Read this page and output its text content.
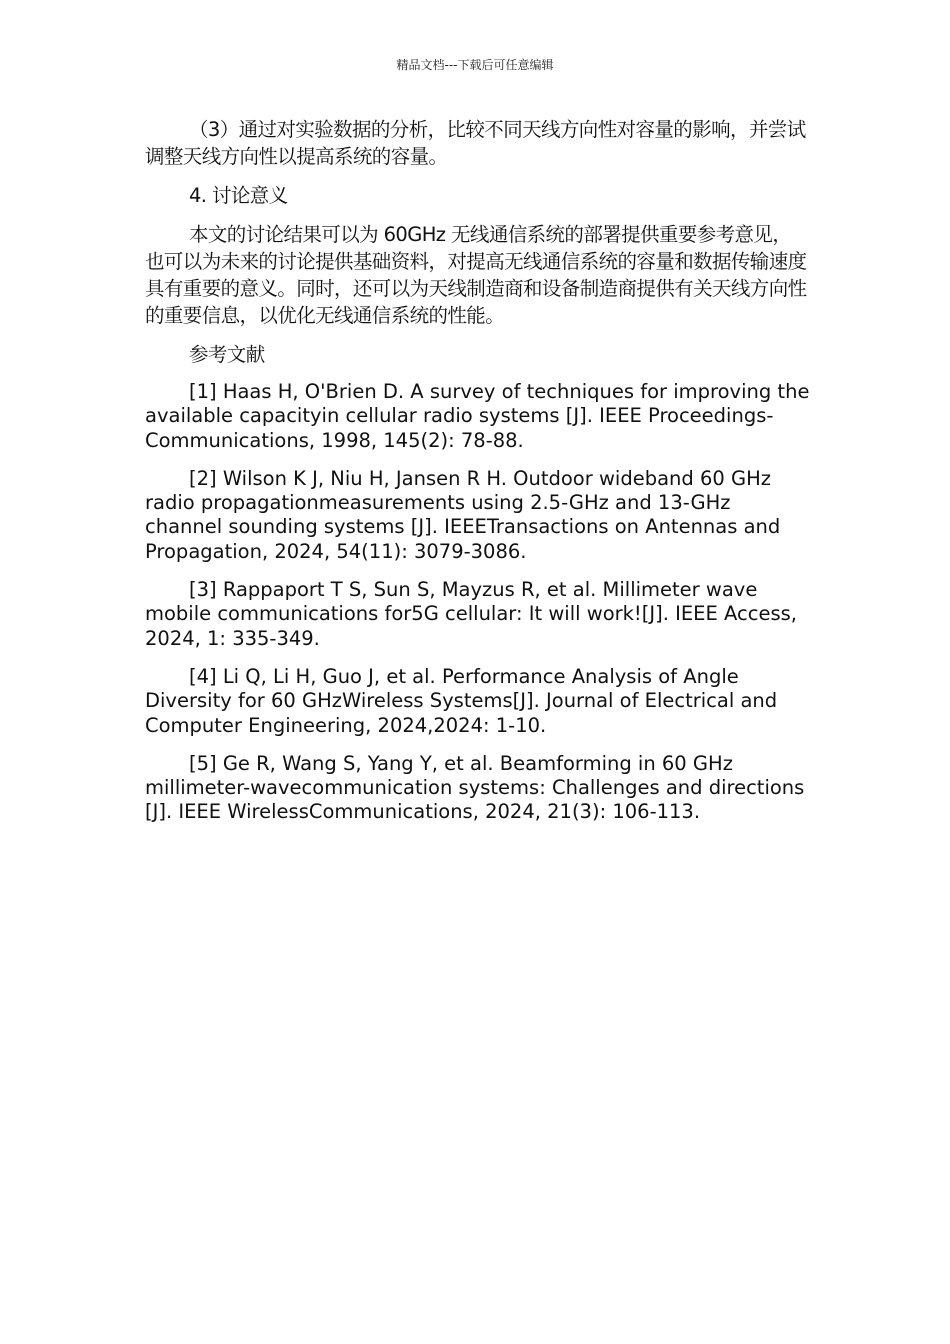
精品文档---下载后可任意编辑

（3）通过对实验数据的分析，比较不同天线方向性对容量的影响，并尝试调整天线方向性以提高系统的容量。

4. 讨论意义

本文的讨论结果可以为 60GHz 无线通信系统的部署提供重要参考意见，也可以为未来的讨论提供基础资料，对提高无线通信系统的容量和数据传输速度具有重要的意义。同时，还可以为天线制造商和设备制造商提供有关天线方向性的重要信息，以优化无线通信系统的性能。

参考文献

[1] Haas H, O'Brien D. A survey of techniques for improving the available capacityin cellular radio systems [J]. IEEE Proceedings-Communications, 1998, 145(2): 78-88.

[2] Wilson K J, Niu H, Jansen R H. Outdoor wideband 60 GHz radio propagationmeasurements using 2.5-GHz and 13-GHz channel sounding systems [J]. IEEETransactions on Antennas and Propagation, 2024, 54(11): 3079-3086.

[3] Rappaport T S, Sun S, Mayzus R, et al. Millimeter wave mobile communications for5G cellular: It will work![J]. IEEE Access, 2024, 1: 335-349.

[4] Li Q, Li H, Guo J, et al. Performance Analysis of Angle Diversity for 60 GHzWireless Systems[J]. Journal of Electrical and Computer Engineering, 2024,2024: 1-10.

[5] Ge R, Wang S, Yang Y, et al. Beamforming in 60 GHz millimeter-wavecommunication systems: Challenges and directions [J]. IEEE WirelessCommunications, 2024, 21(3): 106-113.
